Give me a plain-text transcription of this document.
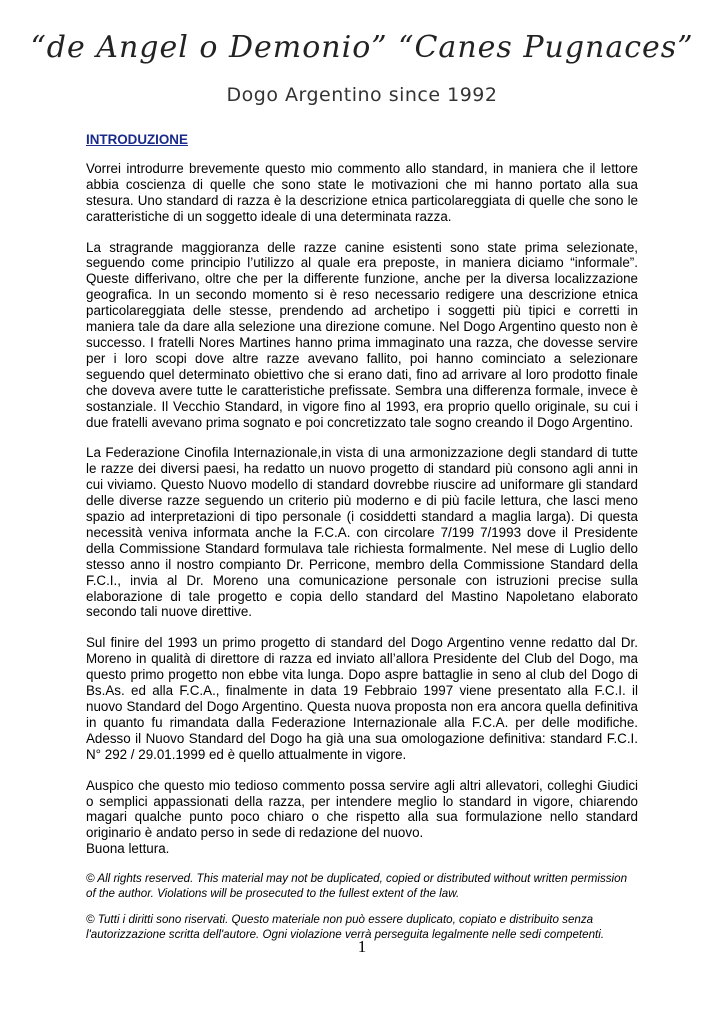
“de Angel o Demonio” “Canes Pugnaces”
Dogo Argentino since 1992
INTRODUZIONE

Vorrei introdurre brevemente questo mio commento allo standard, in maniera che il lettore abbia coscienza di quelle che sono state le motivazioni che mi hanno portato alla sua stesura. Uno standard di razza è la descrizione etnica particolareggiata di quelle che sono le caratteristiche di un soggetto ideale di una determinata razza.

La stragrande maggioranza delle razze canine esistenti sono state prima selezionate, seguendo come principio l’utilizzo al quale era preposte, in maniera diciamo “informale”. Queste differivano, oltre che per la differente funzione, anche per la diversa localizzazione geografica. In un secondo momento si è reso necessario redigere una descrizione etnica particolareggiata delle stesse, prendendo ad archetipo i soggetti più tipici e corretti in maniera tale da dare alla selezione una direzione comune. Nel Dogo Argentino questo non è successo. I fratelli Nores Martines hanno prima immaginato una razza, che dovesse servire per i loro scopi dove altre razze avevano fallito, poi hanno cominciato a selezionare seguendo quel determinato obiettivo che si erano dati, fino ad arrivare al loro prodotto finale che doveva avere tutte le caratteristiche prefissate. Sembra una differenza formale, invece è sostanziale. Il Vecchio Standard, in vigore fino al 1993, era proprio quello originale, su cui i due fratelli avevano prima sognato e poi concretizzato tale sogno creando il Dogo Argentino.

La Federazione Cinofila Internazionale,in vista di una armonizzazione degli standard di tutte le razze dei diversi paesi, ha redatto un nuovo progetto di standard più consono agli anni in cui viviamo. Questo Nuovo modello di standard dovrebbe riuscire ad uniformare gli standard delle diverse razze seguendo un criterio più moderno e di più facile lettura, che lasci meno spazio ad interpretazioni di tipo personale (i cosiddetti standard a maglia larga). Di questa necessità veniva informata anche la F.C.A. con circolare 7/199 7/1993 dove il Presidente della Commissione Standard formulava tale richiesta formalmente. Nel mese di Luglio dello stesso anno il nostro compianto Dr. Perricone, membro della Commissione Standard della F.C.I., invia al Dr. Moreno una comunicazione personale con istruzioni precise sulla elaborazione di tale progetto e copia dello standard del Mastino Napoletano elaborato secondo tali nuove direttive.

Sul finire del 1993 un primo progetto di standard del Dogo Argentino venne redatto dal Dr. Moreno in qualità di direttore di razza ed inviato all’allora Presidente del Club del Dogo, ma questo primo progetto non ebbe vita lunga. Dopo aspre battaglie in seno al club del Dogo di Bs.As. ed alla F.C.A., finalmente in data 19 Febbraio 1997 viene presentato alla F.C.I. il nuovo Standard del Dogo Argentino. Questa nuova proposta non era ancora quella definitiva in quanto fu rimandata dalla Federazione Internazionale alla F.C.A. per delle modifiche. Adesso il Nuovo Standard del Dogo ha già una sua omologazione definitiva: standard F.C.I. N° 292 / 29.01.1999 ed è quello attualmente in vigore.

Auspico che questo mio tedioso commento possa servire agli altri allevatori, colleghi Giudici o semplici appassionati della razza, per intendere meglio lo standard in vigore, chiarendo magari qualche punto poco chiaro o che rispetto alla sua formulazione nello standard originario è andato perso in sede di redazione del nuovo.

Buona lettura.

© All rights reserved. This material may not be duplicated, copied or distributed without written permission of the author. Violations will be prosecuted to the fullest extent of the law.

© Tutti i diritti sono riservati. Questo materiale non può essere duplicato, copiato e distribuito senza l'autorizzazione scritta dell'autore. Ogni violazione verrà perseguita legalmente nelle sedi competenti.

1
